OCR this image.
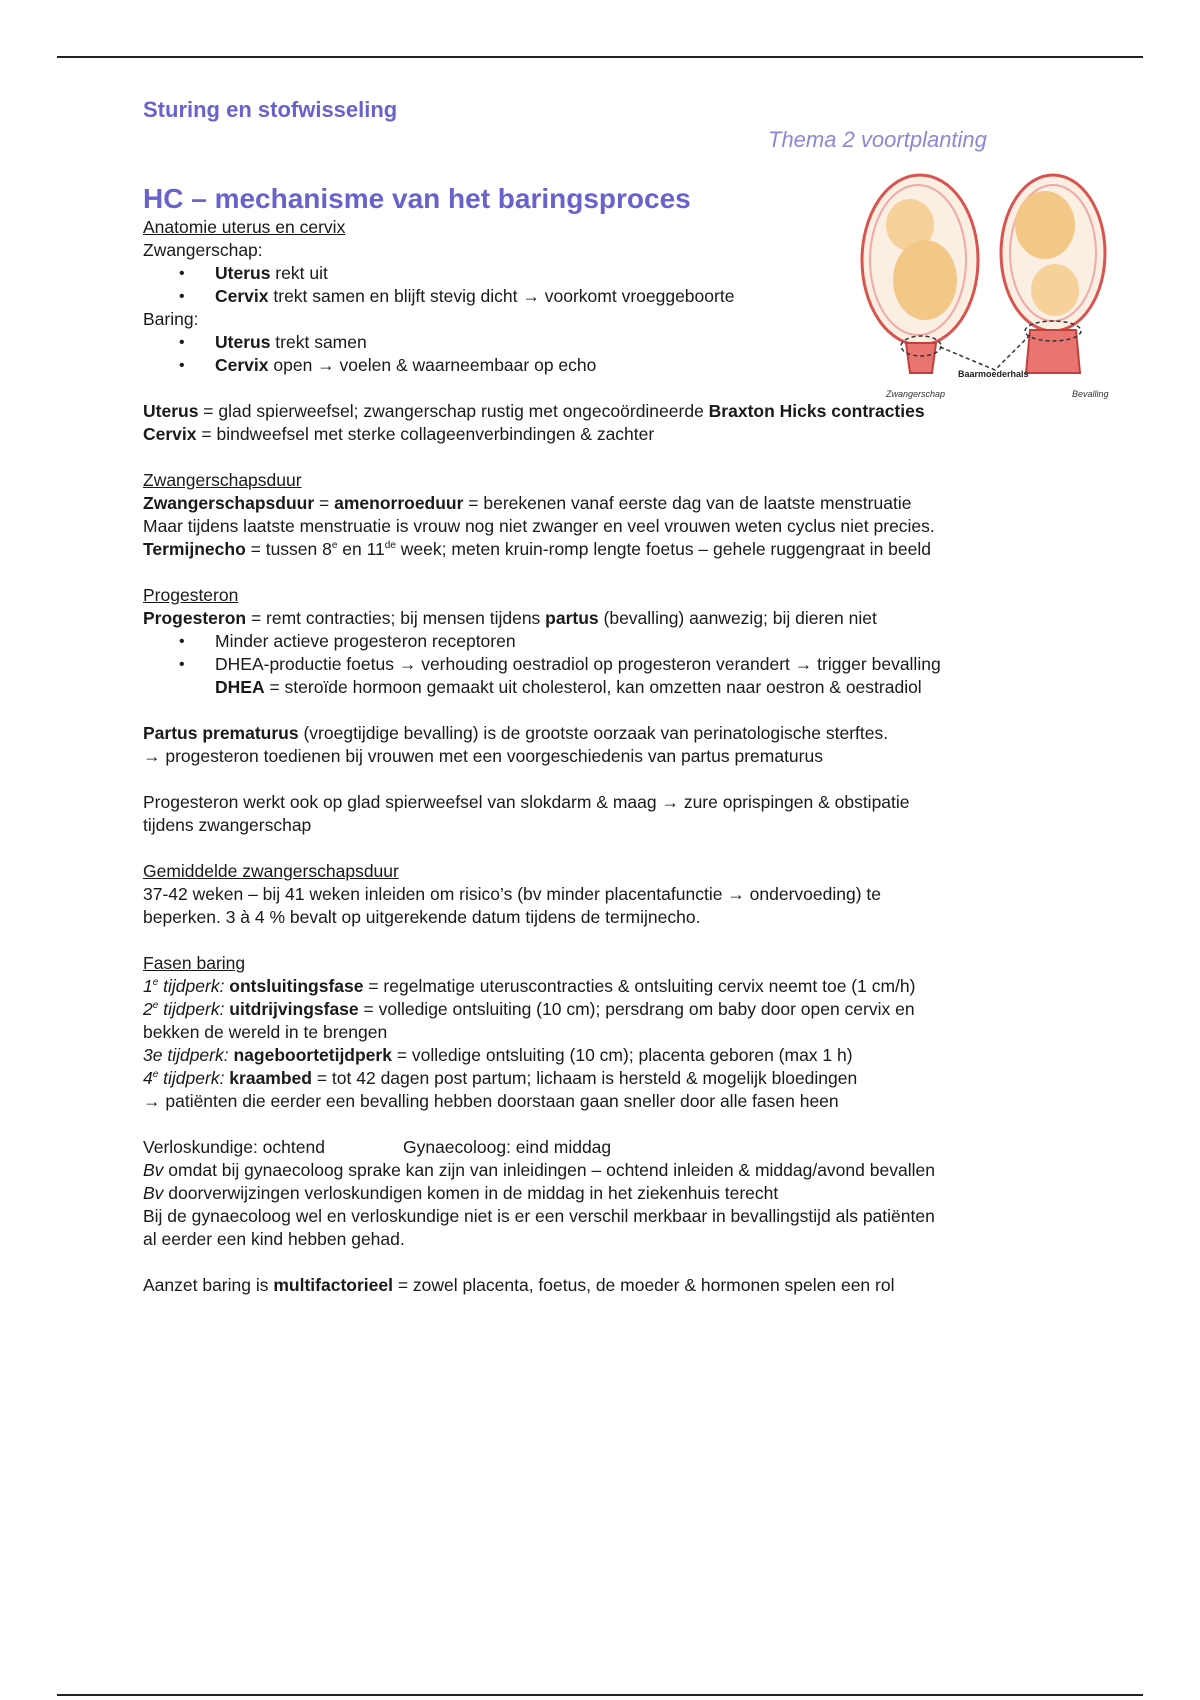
Sturing en stofwisseling

Thema 2 voortplanting
HC – mechanisme van het baringsproces
Baarmoederhals
Zwangerschap	Bevalling
Anatomie uterus en cervix
Zwangerschap:
• Uterus rekt uit
• Cervix trekt samen en blijft stevig dicht → voorkomt vroeggeboorte
Baring:
• Uterus trekt samen
• Cervix open → voelen & waarneembaar op echo
Uterus = glad spierweefsel; zwangerschap rustig met ongecoördineerde Braxton Hicks contracties
Cervix = bindweefsel met sterke collageenverbindingen & zachter
Zwangerschapsduur
Zwangerschapsduur = amenorroeduur = berekenen vanaf eerste dag van de laatste menstruatie
Maar tijdens laatste menstruatie is vrouw nog niet zwanger en veel vrouwen weten cyclus niet precies.
Termijnecho = tussen 8e en 11de week; meten kruin-romp lengte foetus – gehele ruggengraat in beeld
Progesteron
Progesteron = remt contracties; bij mensen tijdens partus (bevalling) aanwezig; bij dieren niet
• Minder actieve progesteron receptoren
• DHEA-productie foetus → verhouding oestradiol op progesteron verandert → trigger bevalling
DHEA = steroïde hormoon gemaakt uit cholesterol, kan omzetten naar oestron & oestradiol
Partus prematurus (vroegtijdige bevalling) is de grootste oorzaak van perinatologische sterftes.
→ progesteron toedienen bij vrouwen met een voorgeschiedenis van partus prematurus
Progesteron werkt ook op glad spierweefsel van slokdarm & maag → zure oprispingen & obstipatie
tijdens zwangerschap
Gemiddelde zwangerschapsduur
37-42 weken – bij 41 weken inleiden om risico’s (bv minder placentafunctie → ondervoeding) te
beperken. 3 à 4 % bevalt op uitgerekende datum tijdens de termijnecho.
Fasen baring
1e tijdperk: ontsluitingsfase = regelmatige uteruscontracties & ontsluiting cervix neemt toe (1 cm/h)
2e tijdperk: uitdrijvingsfase = volledige ontsluiting (10 cm); persdrang om baby door open cervix en
bekken de wereld in te brengen
3e tijdperk: nageboortetijdperk = volledige ontsluiting (10 cm); placenta geboren (max 1 h)
4e tijdperk: kraambed = tot 42 dagen post partum; lichaam is hersteld & mogelijk bloedingen
→ patiënten die eerder een bevalling hebben doorstaan gaan sneller door alle fasen heen
Verloskundige: ochtend	Gynaecoloog: eind middag
Bv omdat bij gynaecoloog sprake kan zijn van inleidingen – ochtend inleiden & middag/avond bevallen
Bv doorverwijzingen verloskundigen komen in de middag in het ziekenhuis terecht
Bij de gynaecoloog wel en verloskundige niet is er een verschil merkbaar in bevallingstijd als patiënten
al eerder een kind hebben gehad.
Aanzet baring is multifactorieel = zowel placenta, foetus, de moeder & hormonen spelen een rol
